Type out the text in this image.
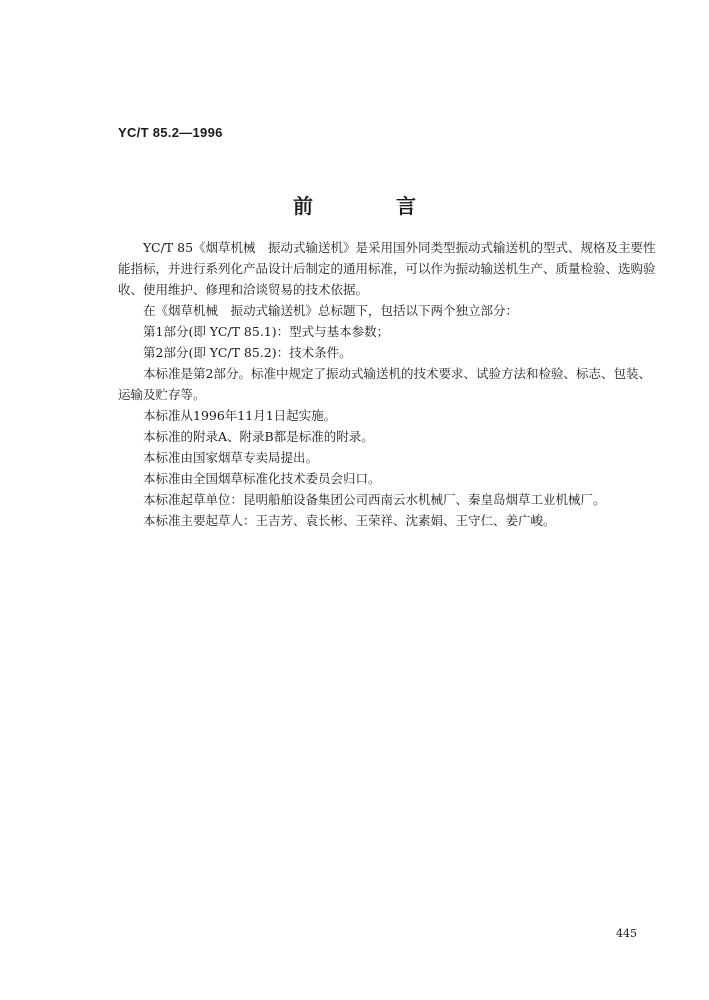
YC/T 85.2—1996
前 言

YC/T 85《烟草机械　振动式输送机》是采用国外同类型振动式输送机的型式、规格及主要性能指标，并进行系列化产品设计后制定的通用标准，可以作为振动输送机生产、质量检验、选购验收、使用维护、修理和洽谈贸易的技术依据。

在《烟草机械　振动式输送机》总标题下，包括以下两个独立部分：

第1部分(即 YC/T 85.1)：型式与基本参数；

第2部分(即 YC/T 85.2)：技术条件。

本标准是第2部分。标准中规定了振动式输送机的技术要求、试验方法和检验、标志、包装、运输及贮存等。

本标准从1996年11月1日起实施。

本标准的附录A、附录B都是标准的附录。

本标准由国家烟草专卖局提出。

本标准由全国烟草标准化技术委员会归口。

本标准起草单位：昆明船舶设备集团公司西南云水机械厂、秦皇岛烟草工业机械厂。

本标准主要起草人：王吉芳、袁长彬、王荣祥、沈素娟、王守仁、姜广峻。

445
